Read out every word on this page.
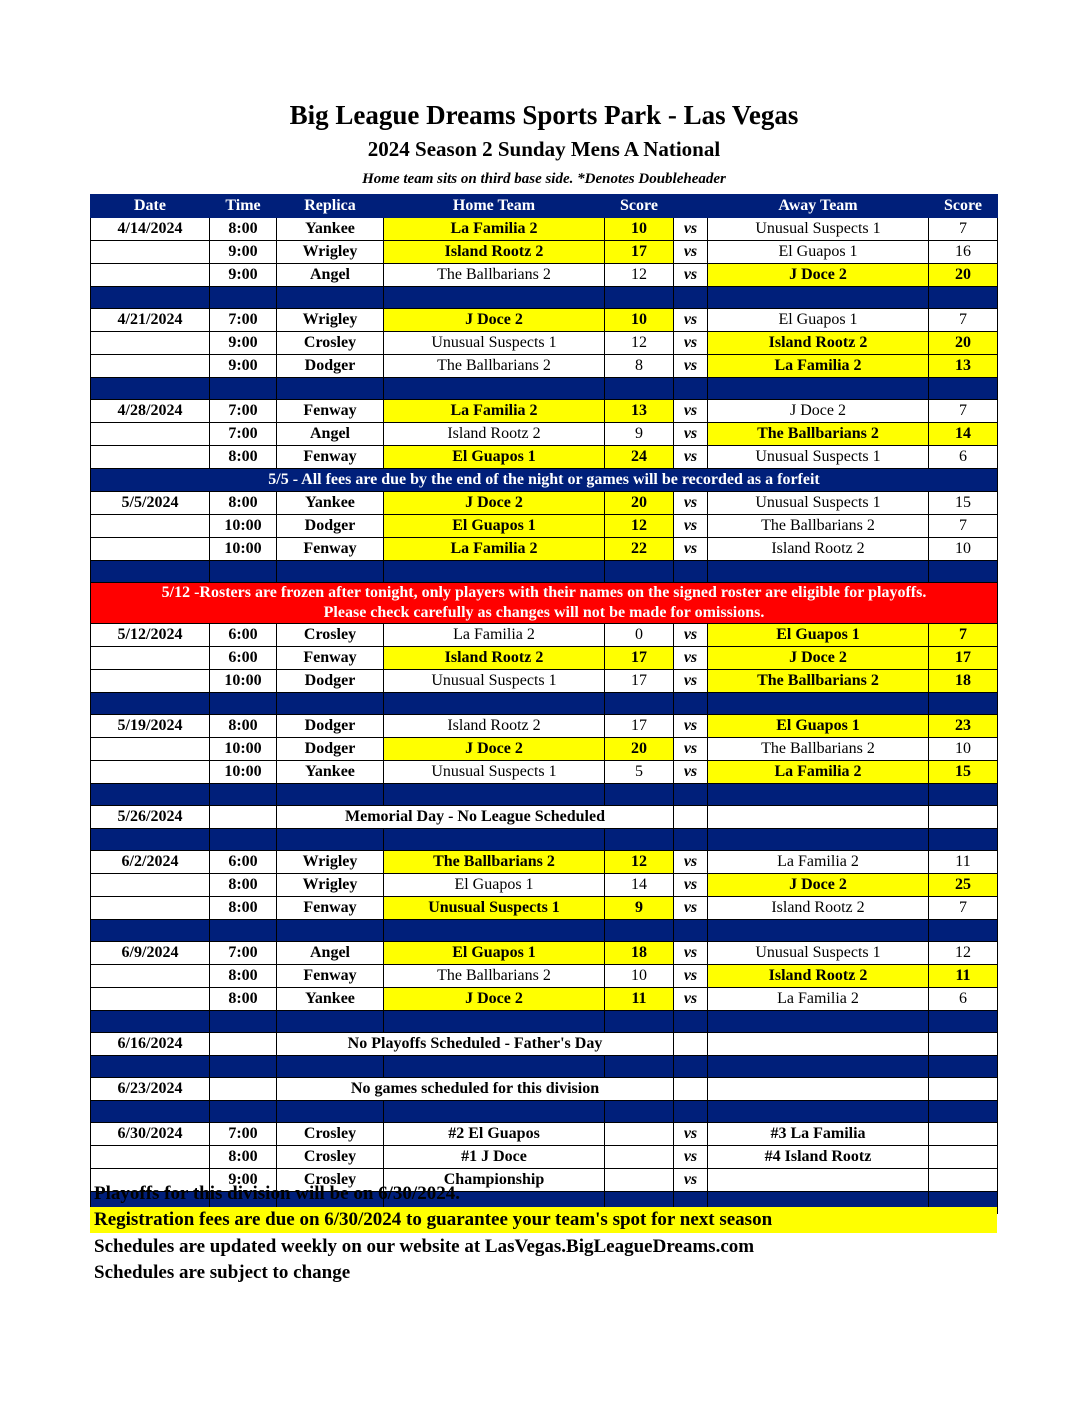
Big League Dreams Sports Park - Las Vegas
2024 Season 2 Sunday Mens A National
Home team sits on third base side. *Denotes Doubleheader
Date	Time	Replica	Home Team	Score		Away Team	Score
4/14/2024	8:00	Yankee	La Familia 2	10	vs	Unusual Suspects 1	7
	9:00	Wrigley	Island Rootz 2	17	vs	El Guapos 1	16
	9:00	Angel	The Ballbarians 2	12	vs	J Doce 2	20

4/21/2024	7:00	Wrigley	J Doce 2	10	vs	El Guapos 1	7
	9:00	Crosley	Unusual Suspects 1	12	vs	Island Rootz 2	20
	9:00	Dodger	The Ballbarians 2	8	vs	La Familia 2	13

4/28/2024	7:00	Fenway	La Familia 2	13	vs	J Doce 2	7
	7:00	Angel	Island Rootz 2	9	vs	The Ballbarians 2	14
	8:00	Fenway	El Guapos 1	24	vs	Unusual Suspects 1	6
5/5 - All fees are due by the end of the night or games will be recorded as a forfeit							
5/5/2024	8:00	Yankee	J Doce 2	20	vs	Unusual Suspects 1	15
	10:00	Dodger	El Guapos 1	12	vs	The Ballbarians 2	7
	10:00	Fenway	La Familia 2	22	vs	Island Rootz 2	10

5/12 -Rosters are frozen after tonight, only players with their names on the signed roster are eligible for playoffs.
Please check carefully as changes will not be made for omissions.							

5/12/2024	6:00	Crosley	La Familia 2	0	vs	El Guapos 1	7
	6:00	Fenway	Island Rootz 2	17	vs	J Doce 2	17
	10:00	Dodger	Unusual Suspects 1	17	vs	The Ballbarians 2	18

5/19/2024	8:00	Dodger	Island Rootz 2	17	vs	El Guapos 1	23
	10:00	Dodger	J Doce 2	20	vs	The Ballbarians 2	10
	10:00	Yankee	Unusual Suspects 1	5	vs	La Familia 2	15

5/26/2024		Memorial Day - No League Scheduled					

6/2/2024	6:00	Wrigley	The Ballbarians 2	12	vs	La Familia 2	11
	8:00	Wrigley	El Guapos 1	14	vs	J Doce 2	25
	8:00	Fenway	Unusual Suspects 1	9	vs	Island Rootz 2	7

6/9/2024	7:00	Angel	El Guapos 1	18	vs	Unusual Suspects 1	12
	8:00	Fenway	The Ballbarians 2	10	vs	Island Rootz 2	11
	8:00	Yankee	J Doce 2	11	vs	La Familia 2	6

6/16/2024		No Playoffs Scheduled - Father's Day					

6/23/2024		No games scheduled for this division					

6/30/2024	7:00	Crosley	#2 El Guapos		vs	#3 La Familia	
	8:00	Crosley	#1 J Doce		vs	#4 Island Rootz	
	9:00	Crosley	Championship		vs		

Playoffs for this division will be on 6/30/2024.
Registration fees are due on 6/30/2024 to guarantee your team's spot for next season
Schedules are updated weekly on our website at LasVegas.BigLeagueDreams.com
Schedules are subject to change
